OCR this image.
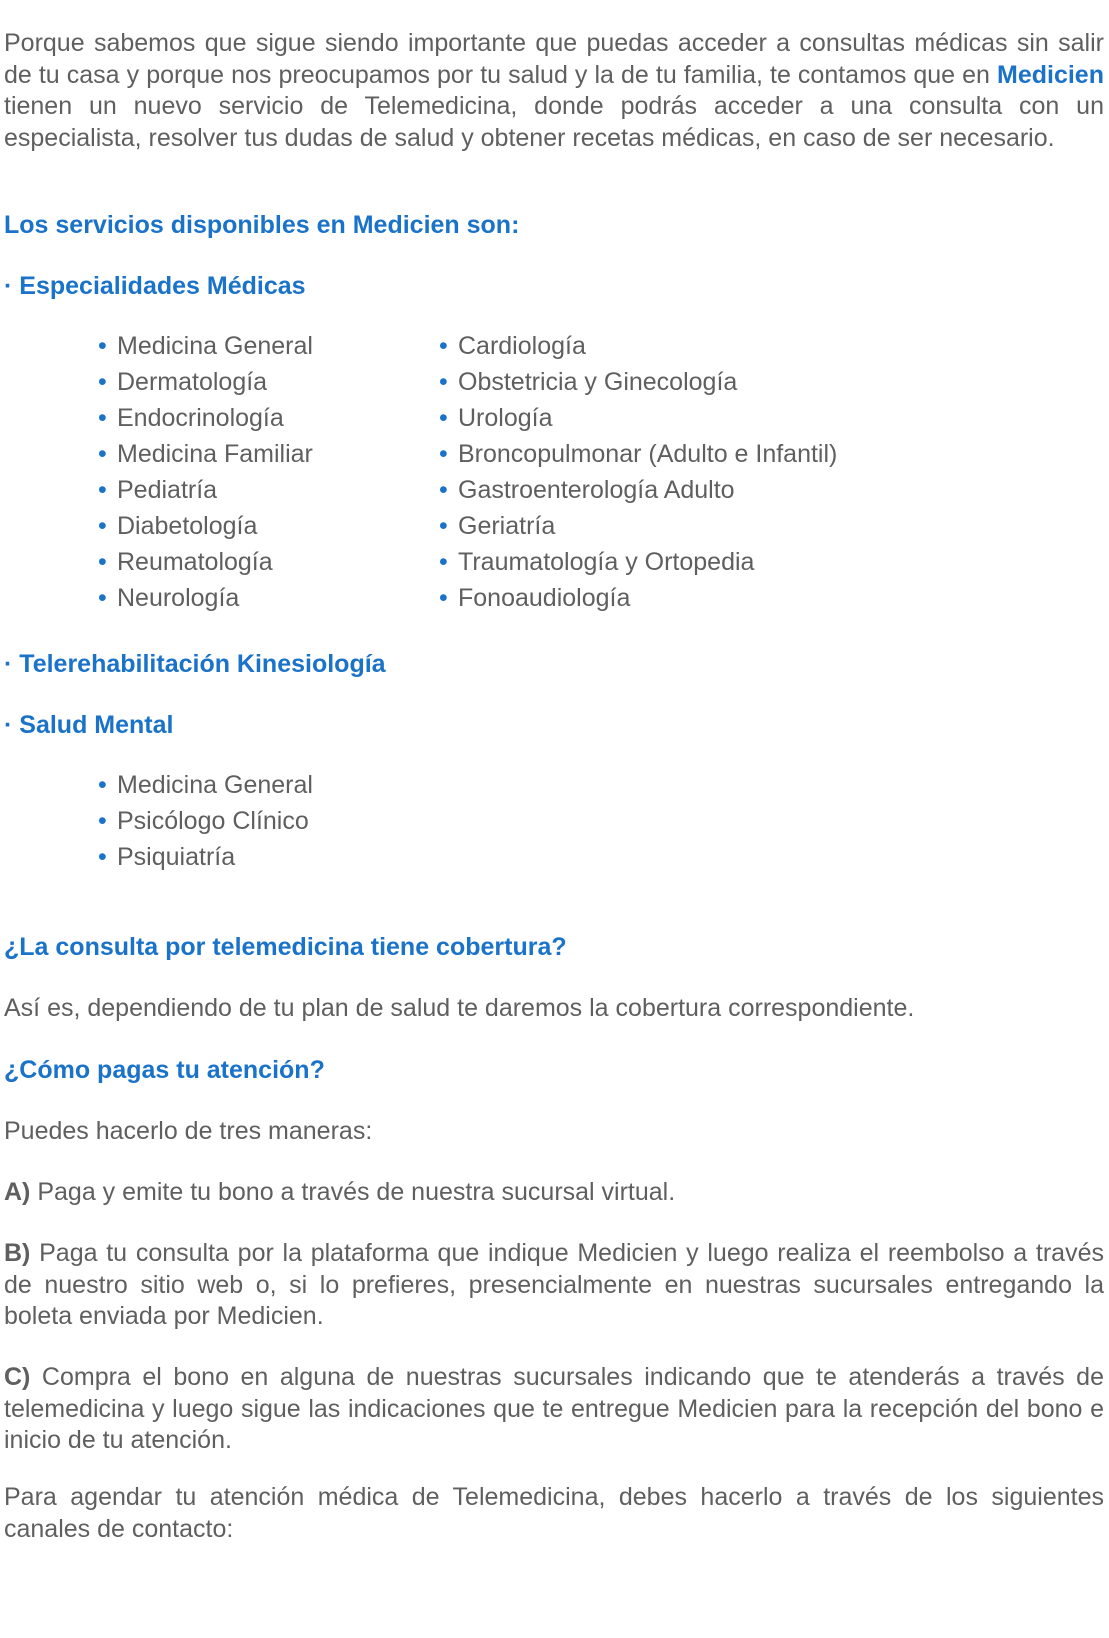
Porque sabemos que sigue siendo importante que puedas acceder a consultas médicas sin salir de tu casa y porque nos preocupamos por tu salud y la de tu familia, te contamos que en Medicien tienen un nuevo servicio de Telemedicina, donde podrás acceder a una consulta con un especialista, resolver tus dudas de salud y obtener recetas médicas, en caso de ser necesario.

Los servicios disponibles en Medicien son:

· Especialidades Médicas

• Medicina General
• Dermatología
• Endocrinología
• Medicina Familiar
• Pediatría
• Diabetología
• Reumatología
• Neurología
• Cardiología
• Obstetricia y Ginecología
• Urología
• Broncopulmonar (Adulto e Infantil)
• Gastroenterología Adulto
• Geriatría
• Traumatología y Ortopedia
• Fonoaudiología

· Telerehabilitación Kinesiología

· Salud Mental

• Medicina General
• Psicólogo Clínico
• Psiquiatría

¿La consulta por telemedicina tiene cobertura?

Así es, dependiendo de tu plan de salud te daremos la cobertura correspondiente.

¿Cómo pagas tu atención?

Puedes hacerlo de tres maneras:

A) Paga y emite tu bono a través de nuestra sucursal virtual.

B) Paga tu consulta por la plataforma que indique Medicien y luego realiza el reembolso a través de nuestro sitio web o, si lo prefieres, presencialmente en nuestras sucursales entregando la boleta enviada por Medicien.

C) Compra el bono en alguna de nuestras sucursales indicando que te atenderás a través de telemedicina y luego sigue las indicaciones que te entregue Medicien para la recepción del bono e inicio de tu atención.

Para agendar tu atención médica de Telemedicina, debes hacerlo a través de los siguientes canales de contacto:
